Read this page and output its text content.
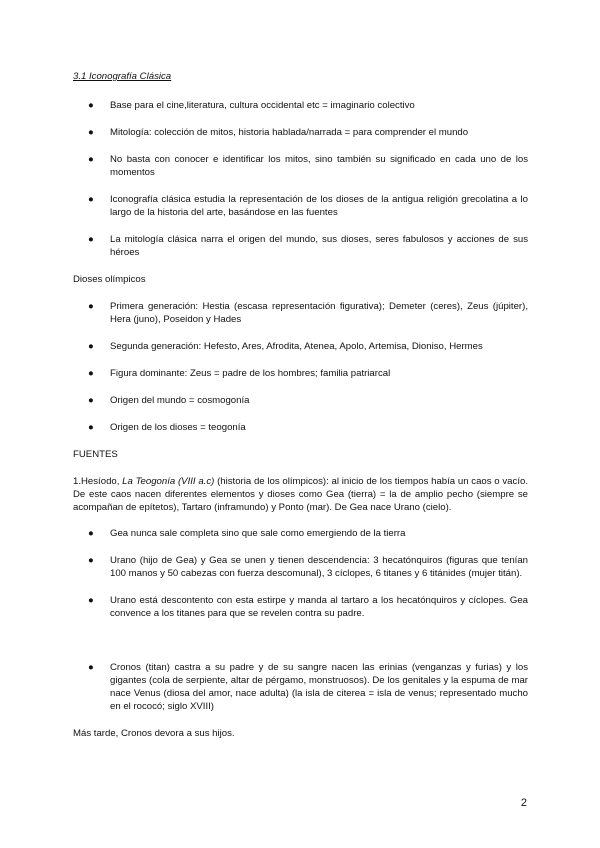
3.1 Iconografía Clásica
● Base para el cine,literatura, cultura occidental etc = imaginario colectivo
● Mitología: colección de mitos, historia hablada/narrada = para comprender el mundo
● No basta con conocer e identificar los mitos, sino también su significado en cada uno de los momentos
● Iconografía clásica estudia la representación de los dioses de la antigua religión grecolatina a lo largo de la historia del arte, basándose en las fuentes
● La mitología clásica narra el origen del mundo, sus dioses, seres fabulosos y acciones de sus héroes
Dioses olímpicos
● Primera generación: Hestia (escasa representación figurativa); Demeter (ceres), Zeus (júpiter), Hera (juno), Poseidon y Hades
● Segunda generación: Hefesto, Ares, Afrodita, Atenea, Apolo, Artemisa, Dioniso, Hermes
● Figura dominante: Zeus = padre de los hombres; familia patriarcal
● Origen del mundo = cosmogonía
● Origen de los dioses = teogonía
FUENTES

1.Hesíodo, La Teogonía (VIII a.c) (historia de los olímpicos): al inicio de los tiempos había un caos o vacío. De este caos nacen diferentes elementos y dioses como Gea (tierra) = la de amplio pecho (siempre se acompañan de epítetos), Tartaro (inframundo) y Ponto (mar). De Gea nace Urano (cielo).

● Gea nunca sale completa sino que sale como emergiendo de la tierra
● Urano (hijo de Gea) y Gea se unen y tienen descendencia: 3 hecatónquiros (figuras que tenían 100 manos y 50 cabezas con fuerza descomunal), 3 cíclopes, 6 titanes y 6 titánides (mujer titán).
● Urano está descontento con esta estirpe y manda al tartaro a los hecatónquiros y cíclopes. Gea convence a los titanes para que se revelen contra su padre.
● Cronos (titan) castra a su padre y de su sangre nacen las erinias (venganzas y furias) y los gigantes (cola de serpiente, altar de pérgamo, monstruosos). De los genitales y la espuma de mar nace Venus (diosa del amor, nace adulta) (la isla de citerea = isla de venus; representado mucho en el rococó; siglo XVIII)

Más tarde, Cronos devora a sus hijos.

2
